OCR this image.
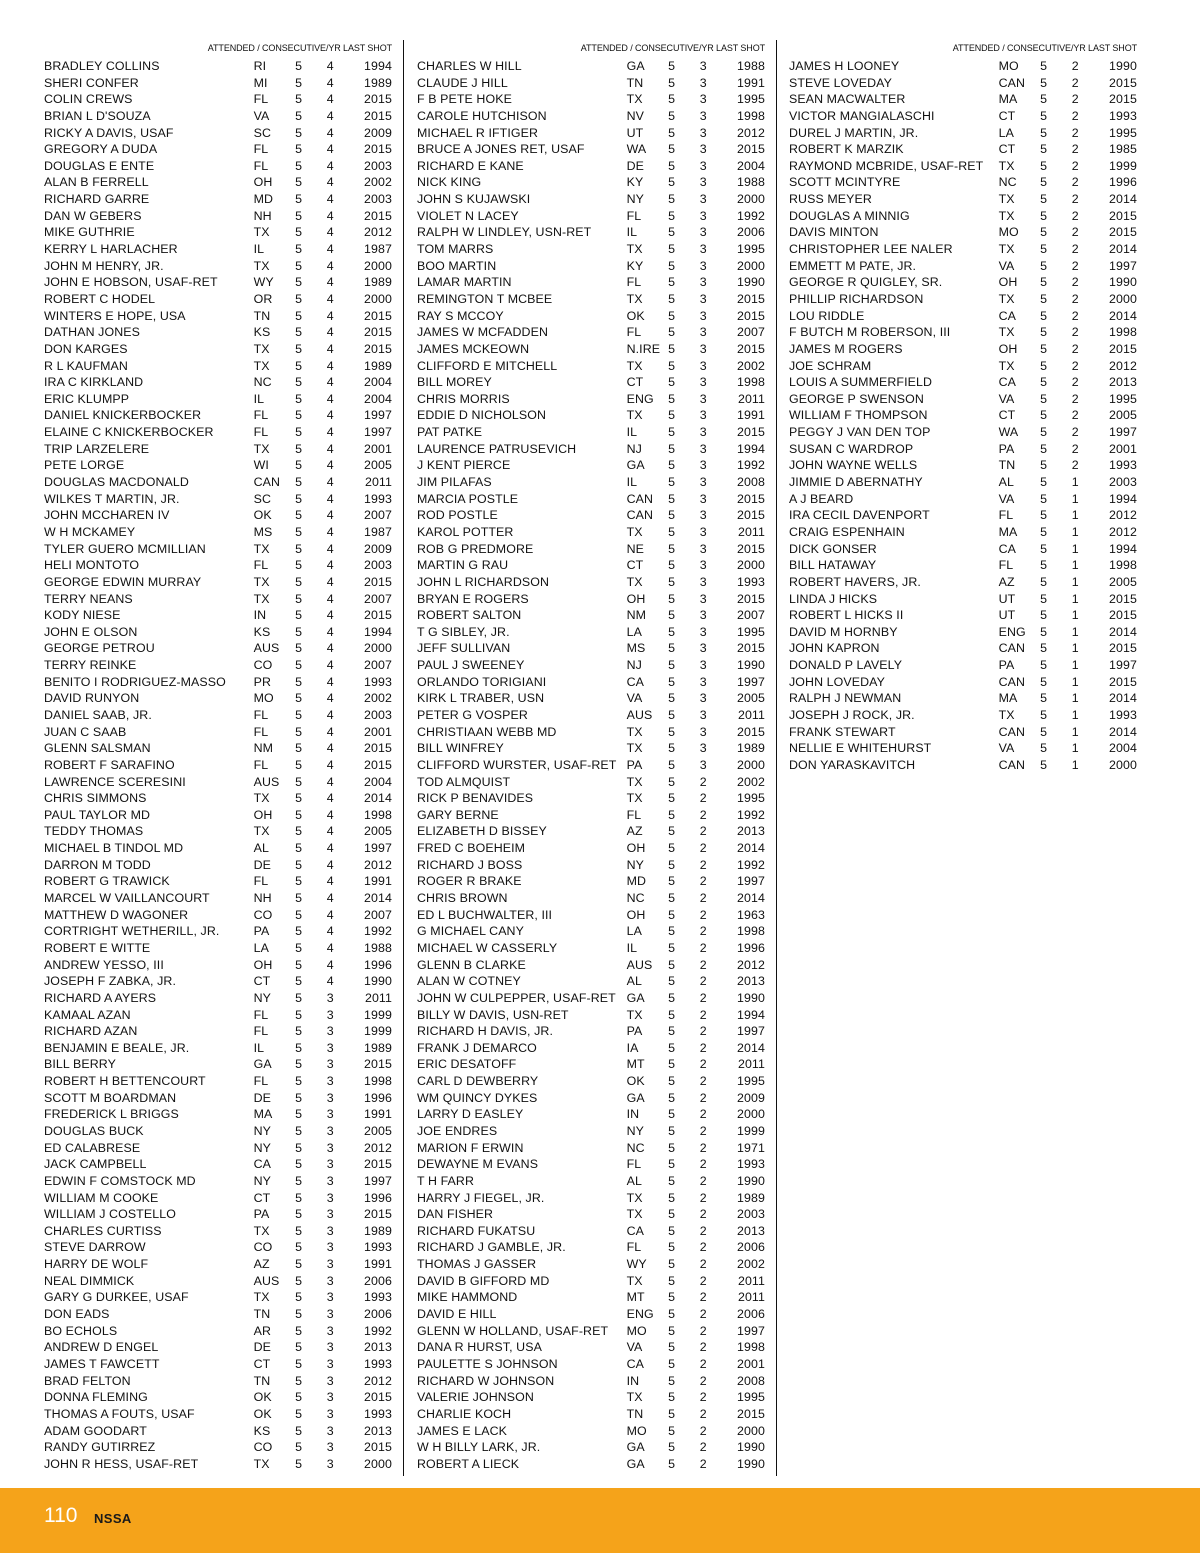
ATTENDED / CONSECUTIVE/YR LAST SHOT
BRADLEY COLLINS	RI	5	4	1994
SHERI CONFER	MI	5	4	1989
COLIN CREWS	FL	5	4	2015
BRIAN L D'SOUZA	VA	5	4	2015
RICKY A DAVIS, USAF	SC	5	4	2009
GREGORY A DUDA	FL	5	4	2015
DOUGLAS E ENTE	FL	5	4	2003
ALAN B FERRELL	OH	5	4	2002
RICHARD GARRE	MD	5	4	2003
DAN W GEBERS	NH	5	4	2015
MIKE GUTHRIE	TX	5	4	2012
KERRY L HARLACHER	IL	5	4	1987
JOHN M HENRY, JR.	TX	5	4	2000
JOHN E HOBSON, USAF-RET	WY	5	4	1989
ROBERT C HODEL	OR	5	4	2000
WINTERS E HOPE, USA	TN	5	4	2015
DATHAN JONES	KS	5	4	2015
DON KARGES	TX	5	4	2015
R L KAUFMAN	TX	5	4	1989
IRA C KIRKLAND	NC	5	4	2004
ERIC KLUMPP	IL	5	4	2004
DANIEL KNICKERBOCKER	FL	5	4	1997
ELAINE C KNICKERBOCKER	FL	5	4	1997
TRIP LARZELERE	TX	5	4	2001
PETE LORGE	WI	5	4	2005
DOUGLAS MACDONALD	CAN	5	4	2011
WILKES T MARTIN, JR.	SC	5	4	1993
JOHN MCCHAREN IV	OK	5	4	2007
W H MCKAMEY	MS	5	4	1987
TYLER GUERO MCMILLIAN	TX	5	4	2009
HELI MONTOTO	FL	5	4	2003
GEORGE EDWIN MURRAY	TX	5	4	2015
TERRY NEANS	TX	5	4	2007
KODY NIESE	IN	5	4	2015
JOHN E OLSON	KS	5	4	1994
GEORGE PETROU	AUS	5	4	2000
TERRY REINKE	CO	5	4	2007
BENITO I RODRIGUEZ-MASSO	PR	5	4	1993
DAVID RUNYON	MO	5	4	2002
DANIEL SAAB, JR.	FL	5	4	2003
JUAN C SAAB	FL	5	4	2001
GLENN SALSMAN	NM	5	4	2015
ROBERT F SARAFINO	FL	5	4	2015
LAWRENCE SCERESINI	AUS	5	4	2004
CHRIS SIMMONS	TX	5	4	2014
PAUL TAYLOR MD	OH	5	4	1998
TEDDY THOMAS	TX	5	4	2005
MICHAEL B TINDOL MD	AL	5	4	1997
DARRON M TODD	DE	5	4	2012
ROBERT G TRAWICK	FL	5	4	1991
MARCEL W VAILLANCOURT	NH	5	4	2014
MATTHEW D WAGONER	CO	5	4	2007
CORTRIGHT WETHERILL, JR.	PA	5	4	1992
ROBERT E WITTE	LA	5	4	1988
ANDREW YESSO, III	OH	5	4	1996
JOSEPH F ZABKA, JR.	CT	5	4	1990
RICHARD A AYERS	NY	5	3	2011
KAMAAL AZAN	FL	5	3	1999
RICHARD AZAN	FL	5	3	1999
BENJAMIN E BEALE, JR.	IL	5	3	1989
BILL BERRY	GA	5	3	2015
ROBERT H BETTENCOURT	FL	5	3	1998
SCOTT M BOARDMAN	DE	5	3	1996
FREDERICK L BRIGGS	MA	5	3	1991
DOUGLAS BUCK	NY	5	3	2005
ED CALABRESE	NY	5	3	2012
JACK CAMPBELL	CA	5	3	2015
EDWIN F COMSTOCK MD	NY	5	3	1997
WILLIAM M COOKE	CT	5	3	1996
WILLIAM J COSTELLO	PA	5	3	2015
CHARLES CURTISS	TX	5	3	1989
STEVE DARROW	CO	5	3	1993
HARRY DE WOLF	AZ	5	3	1991
NEAL DIMMICK	AUS	5	3	2006
GARY G DURKEE, USAF	TX	5	3	1993
DON EADS	TN	5	3	2006
BO ECHOLS	AR	5	3	1992
ANDREW D ENGEL	DE	5	3	2013
JAMES T FAWCETT	CT	5	3	1993
BRAD FELTON	TN	5	3	2012
DONNA FLEMING	OK	5	3	2015
THOMAS A FOUTS, USAF	OK	5	3	1993
ADAM GOODART	KS	5	3	2013
RANDY GUTIRREZ	CO	5	3	2015
JOHN R HESS, USAF-RET	TX	5	3	2000
ATTENDED / CONSECUTIVE/YR LAST SHOT
CHARLES W HILL	GA	5	3	1988
CLAUDE J HILL	TN	5	3	1991
F B PETE HOKE	TX	5	3	1995
CAROLE HUTCHISON	NV	5	3	1998
MICHAEL R IFTIGER	UT	5	3	2012
BRUCE A JONES RET, USAF	WA	5	3	2015
RICHARD E KANE	DE	5	3	2004
NICK KING	KY	5	3	1988
JOHN S KUJAWSKI	NY	5	3	2000
VIOLET N LACEY	FL	5	3	1992
RALPH W LINDLEY, USN-RET	IL	5	3	2006
TOM MARRS	TX	5	3	1995
BOO MARTIN	KY	5	3	2000
LAMAR MARTIN	FL	5	3	1990
REMINGTON T MCBEE	TX	5	3	2015
RAY S MCCOY	OK	5	3	2015
JAMES W MCFADDEN	FL	5	3	2007
JAMES MCKEOWN	N.IRE 5	3	2015
CLIFFORD E MITCHELL	TX	5	3	2002
BILL MOREY	CT	5	3	1998
CHRIS MORRIS	ENG	5	3	2011
EDDIE D NICHOLSON	TX	5	3	1991
PAT PATKE	IL	5	3	2015
LAURENCE PATRUSEVICH	NJ	5	3	1994
J KENT PIERCE	GA	5	3	1992
JIM PILAFAS	IL	5	3	2008
MARCIA POSTLE	CAN	5	3	2015
ROD POSTLE	CAN	5	3	2015
KAROL POTTER	TX	5	3	2011
ROB G PREDMORE	NE	5	3	2015
MARTIN G RAU	CT	5	3	2000
JOHN L RICHARDSON	TX	5	3	1993
BRYAN E ROGERS	OH	5	3	2015
ROBERT SALTON	NM	5	3	2007
T G SIBLEY, JR.	LA	5	3	1995
JEFF SULLIVAN	MS	5	3	2015
PAUL J SWEENEY	NJ	5	3	1990
ORLANDO TORIGIANI	CA	5	3	1997
KIRK L TRABER, USN	VA	5	3	2005
PETER G VOSPER	AUS	5	3	2011
CHRISTIAAN WEBB MD	TX	5	3	2015
BILL WINFREY	TX	5	3	1989
CLIFFORD WURSTER, USAF-RET PA	5	3	2000
TOD ALMQUIST	TX	5	2	2002
RICK P BENAVIDES	TX	5	2	1995
GARY BERNE	FL	5	2	1992
ELIZABETH D BISSEY	AZ	5	2	2013
FRED C BOEHEIM	OH	5	2	2014
RICHARD J BOSS	NY	5	2	1992
ROGER R BRAKE	MD	5	2	1997
CHRIS BROWN	NC	5	2	2014
ED L BUCHWALTER, III	OH	5	2	1963
G MICHAEL CANY	LA	5	2	1998
MICHAEL W CASSERLY	IL	5	2	1996
GLENN B CLARKE	AUS	5	2	2012
ALAN W COTNEY	AL	5	2	2013
JOHN W CULPEPPER, USAF-RET GA	5	2	1990
BILLY W DAVIS, USN-RET	TX	5	2	1994
RICHARD H DAVIS, JR.	PA	5	2	1997
FRANK J DEMARCO	IA	5	2	2014
ERIC DESATOFF	MT	5	2	2011
CARL D DEWBERRY	OK	5	2	1995
WM QUINCY DYKES	GA	5	2	2009
LARRY D EASLEY	IN	5	2	2000
JOE ENDRES	NY	5	2	1999
MARION F ERWIN	NC	5	2	1971
DEWAYNE M EVANS	FL	5	2	1993
T H FARR	AL	5	2	1990
HARRY J FIEGEL, JR.	TX	5	2	1989
DAN FISHER	TX	5	2	2003
RICHARD FUKATSU	CA	5	2	2013
RICHARD J GAMBLE, JR.	FL	5	2	2006
THOMAS J GASSER	WY	5	2	2002
DAVID B GIFFORD MD	TX	5	2	2011
MIKE HAMMOND	MT	5	2	2011
DAVID E HILL	ENG	5	2	2006
GLENN W HOLLAND, USAF-RET	MO	5	2	1997
DANA R HURST, USA	VA	5	2	1998
PAULETTE S JOHNSON	CA	5	2	2001
RICHARD W JOHNSON	IN	5	2	2008
VALERIE JOHNSON	TX	5	2	1995
CHARLIE KOCH	TN	5	2	2015
JAMES E LACK	MO	5	2	2000
W H BILLY LARK, JR.	GA	5	2	1990
ROBERT A LIECK	GA	5	2	1990
ATTENDED / CONSECUTIVE/YR LAST SHOT
JAMES H LOONEY	MO	5	2	1990
STEVE LOVEDAY	CAN	5	2	2015
SEAN MACWALTER	MA	5	2	2015
VICTOR MANGIALASCHI	CT	5	2	1993
DUREL J MARTIN, JR.	LA	5	2	1995
ROBERT K MARZIK	CT	5	2	1985
RAYMOND MCBRIDE, USAF-RET	TX	5	2	1999
SCOTT MCINTYRE	NC	5	2	1996
RUSS MEYER	TX	5	2	2014
DOUGLAS A MINNIG	TX	5	2	2015
DAVIS MINTON	MO	5	2	2015
CHRISTOPHER LEE NALER	TX	5	2	2014
EMMETT M PATE, JR.	VA	5	2	1997
GEORGE R QUIGLEY, SR.	OH	5	2	1990
PHILLIP RICHARDSON	TX	5	2	2000
LOU RIDDLE	CA	5	2	2014
F BUTCH M ROBERSON, III	TX	5	2	1998
JAMES M ROGERS	OH	5	2	2015
JOE SCHRAM	TX	5	2	2012
LOUIS A SUMMERFIELD	CA	5	2	2013
GEORGE P SWENSON	VA	5	2	1995
WILLIAM F THOMPSON	CT	5	2	2005
PEGGY J VAN DEN TOP	WA	5	2	1997
SUSAN C WARDROP	PA	5	2	2001
JOHN WAYNE WELLS	TN	5	2	1993
JIMMIE D ABERNATHY	AL	5	1	2003
A J BEARD	VA	5	1	1994
IRA CECIL DAVENPORT	FL	5	1	2012
CRAIG ESPENHAIN	MA	5	1	2012
DICK GONSER	CA	5	1	1994
BILL HATAWAY	FL	5	1	1998
ROBERT HAVERS, JR.	AZ	5	1	2005
LINDA J HICKS	UT	5	1	2015
ROBERT L HICKS II	UT	5	1	2015
DAVID M HORNBY	ENG	5	1	2014
JOHN KAPRON	CAN	5	1	2015
DONALD P LAVELY	PA	5	1	1997
JOHN LOVEDAY	CAN	5	1	2015
RALPH J NEWMAN	MA	5	1	2014
JOSEPH J ROCK, JR.	TX	5	1	1993
FRANK STEWART	CAN	5	1	2014
NELLIE E WHITEHURST	VA	5	1	2004
DON YARASKAVITCH	CAN	5	1	2000
110 NSSA
